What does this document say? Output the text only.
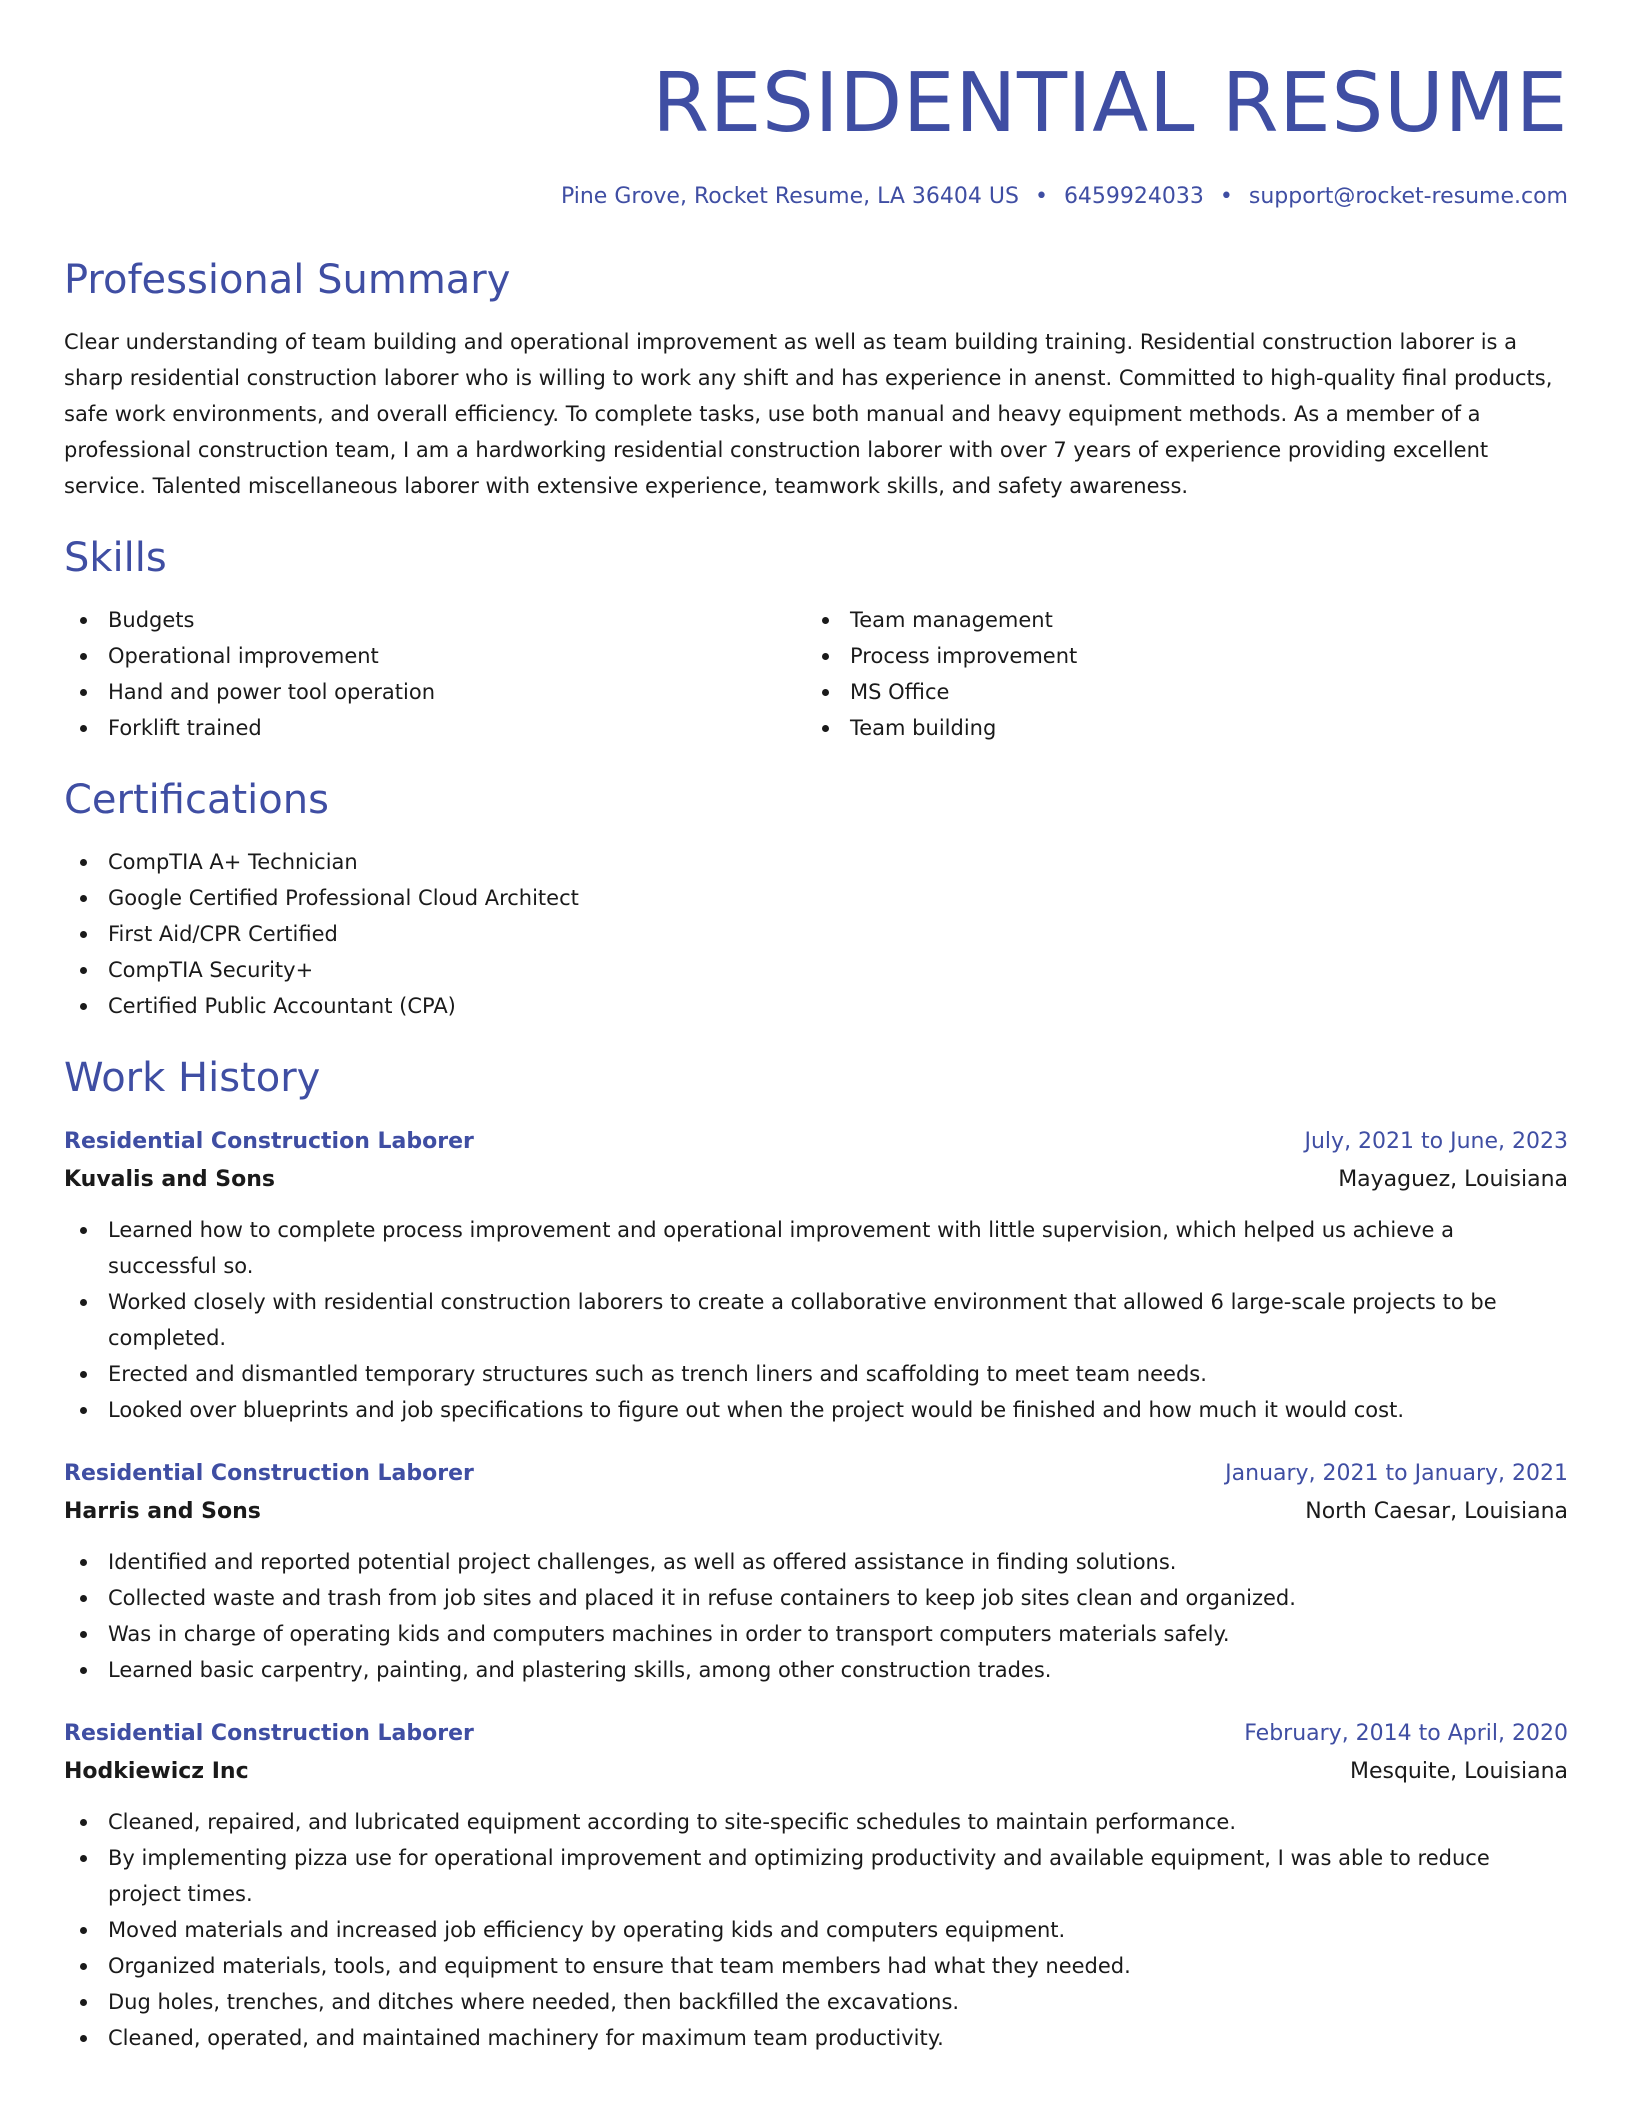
RESIDENTIAL RESUME
Pine Grove, Rocket Resume, LA 36404 US • 6459924033 • support@rocket-resume.com
Professional Summary

Clear understanding of team building and operational improvement as well as team building training. Residential construction laborer is a sharp residential construction laborer who is willing to work any shift and has experience in anenst. Committed to high-quality final products, safe work environments, and overall efficiency. To complete tasks, use both manual and heavy equipment methods. As a member of a professional construction team, I am a hardworking residential construction laborer with over 7 years of experience providing excellent service. Talented miscellaneous laborer with extensive experience, teamwork skills, and safety awareness.

Skills
Budgets
Operational improvement
Hand and power tool operation
Forklift trained
Team management
Process improvement
MS Office
Team building
Certifications
CompTIA A+ Technician
Google Certified Professional Cloud Architect
First Aid/CPR Certified
CompTIA Security+
Certified Public Accountant (CPA)
Work History
Residential Construction Laborer	July, 2021 to June, 2023
Kuvalis and Sons	Mayaguez, Louisiana
Learned how to complete process improvement and operational improvement with little supervision, which helped us achieve a successful so.
Worked closely with residential construction laborers to create a collaborative environment that allowed 6 large-scale projects to be completed.
Erected and dismantled temporary structures such as trench liners and scaffolding to meet team needs.
Looked over blueprints and job specifications to figure out when the project would be finished and how much it would cost.
Residential Construction Laborer	January, 2021 to January, 2021
Harris and Sons	North Caesar, Louisiana
Identified and reported potential project challenges, as well as offered assistance in finding solutions.
Collected waste and trash from job sites and placed it in refuse containers to keep job sites clean and organized.
Was in charge of operating kids and computers machines in order to transport computers materials safely.
Learned basic carpentry, painting, and plastering skills, among other construction trades.
Residential Construction Laborer	February, 2014 to April, 2020
Hodkiewicz Inc	Mesquite, Louisiana
Cleaned, repaired, and lubricated equipment according to site-specific schedules to maintain performance.
By implementing pizza use for operational improvement and optimizing productivity and available equipment, I was able to reduce project times.
Moved materials and increased job efficiency by operating kids and computers equipment.
Organized materials, tools, and equipment to ensure that team members had what they needed.
Dug holes, trenches, and ditches where needed, then backfilled the excavations.
Cleaned, operated, and maintained machinery for maximum team productivity.
